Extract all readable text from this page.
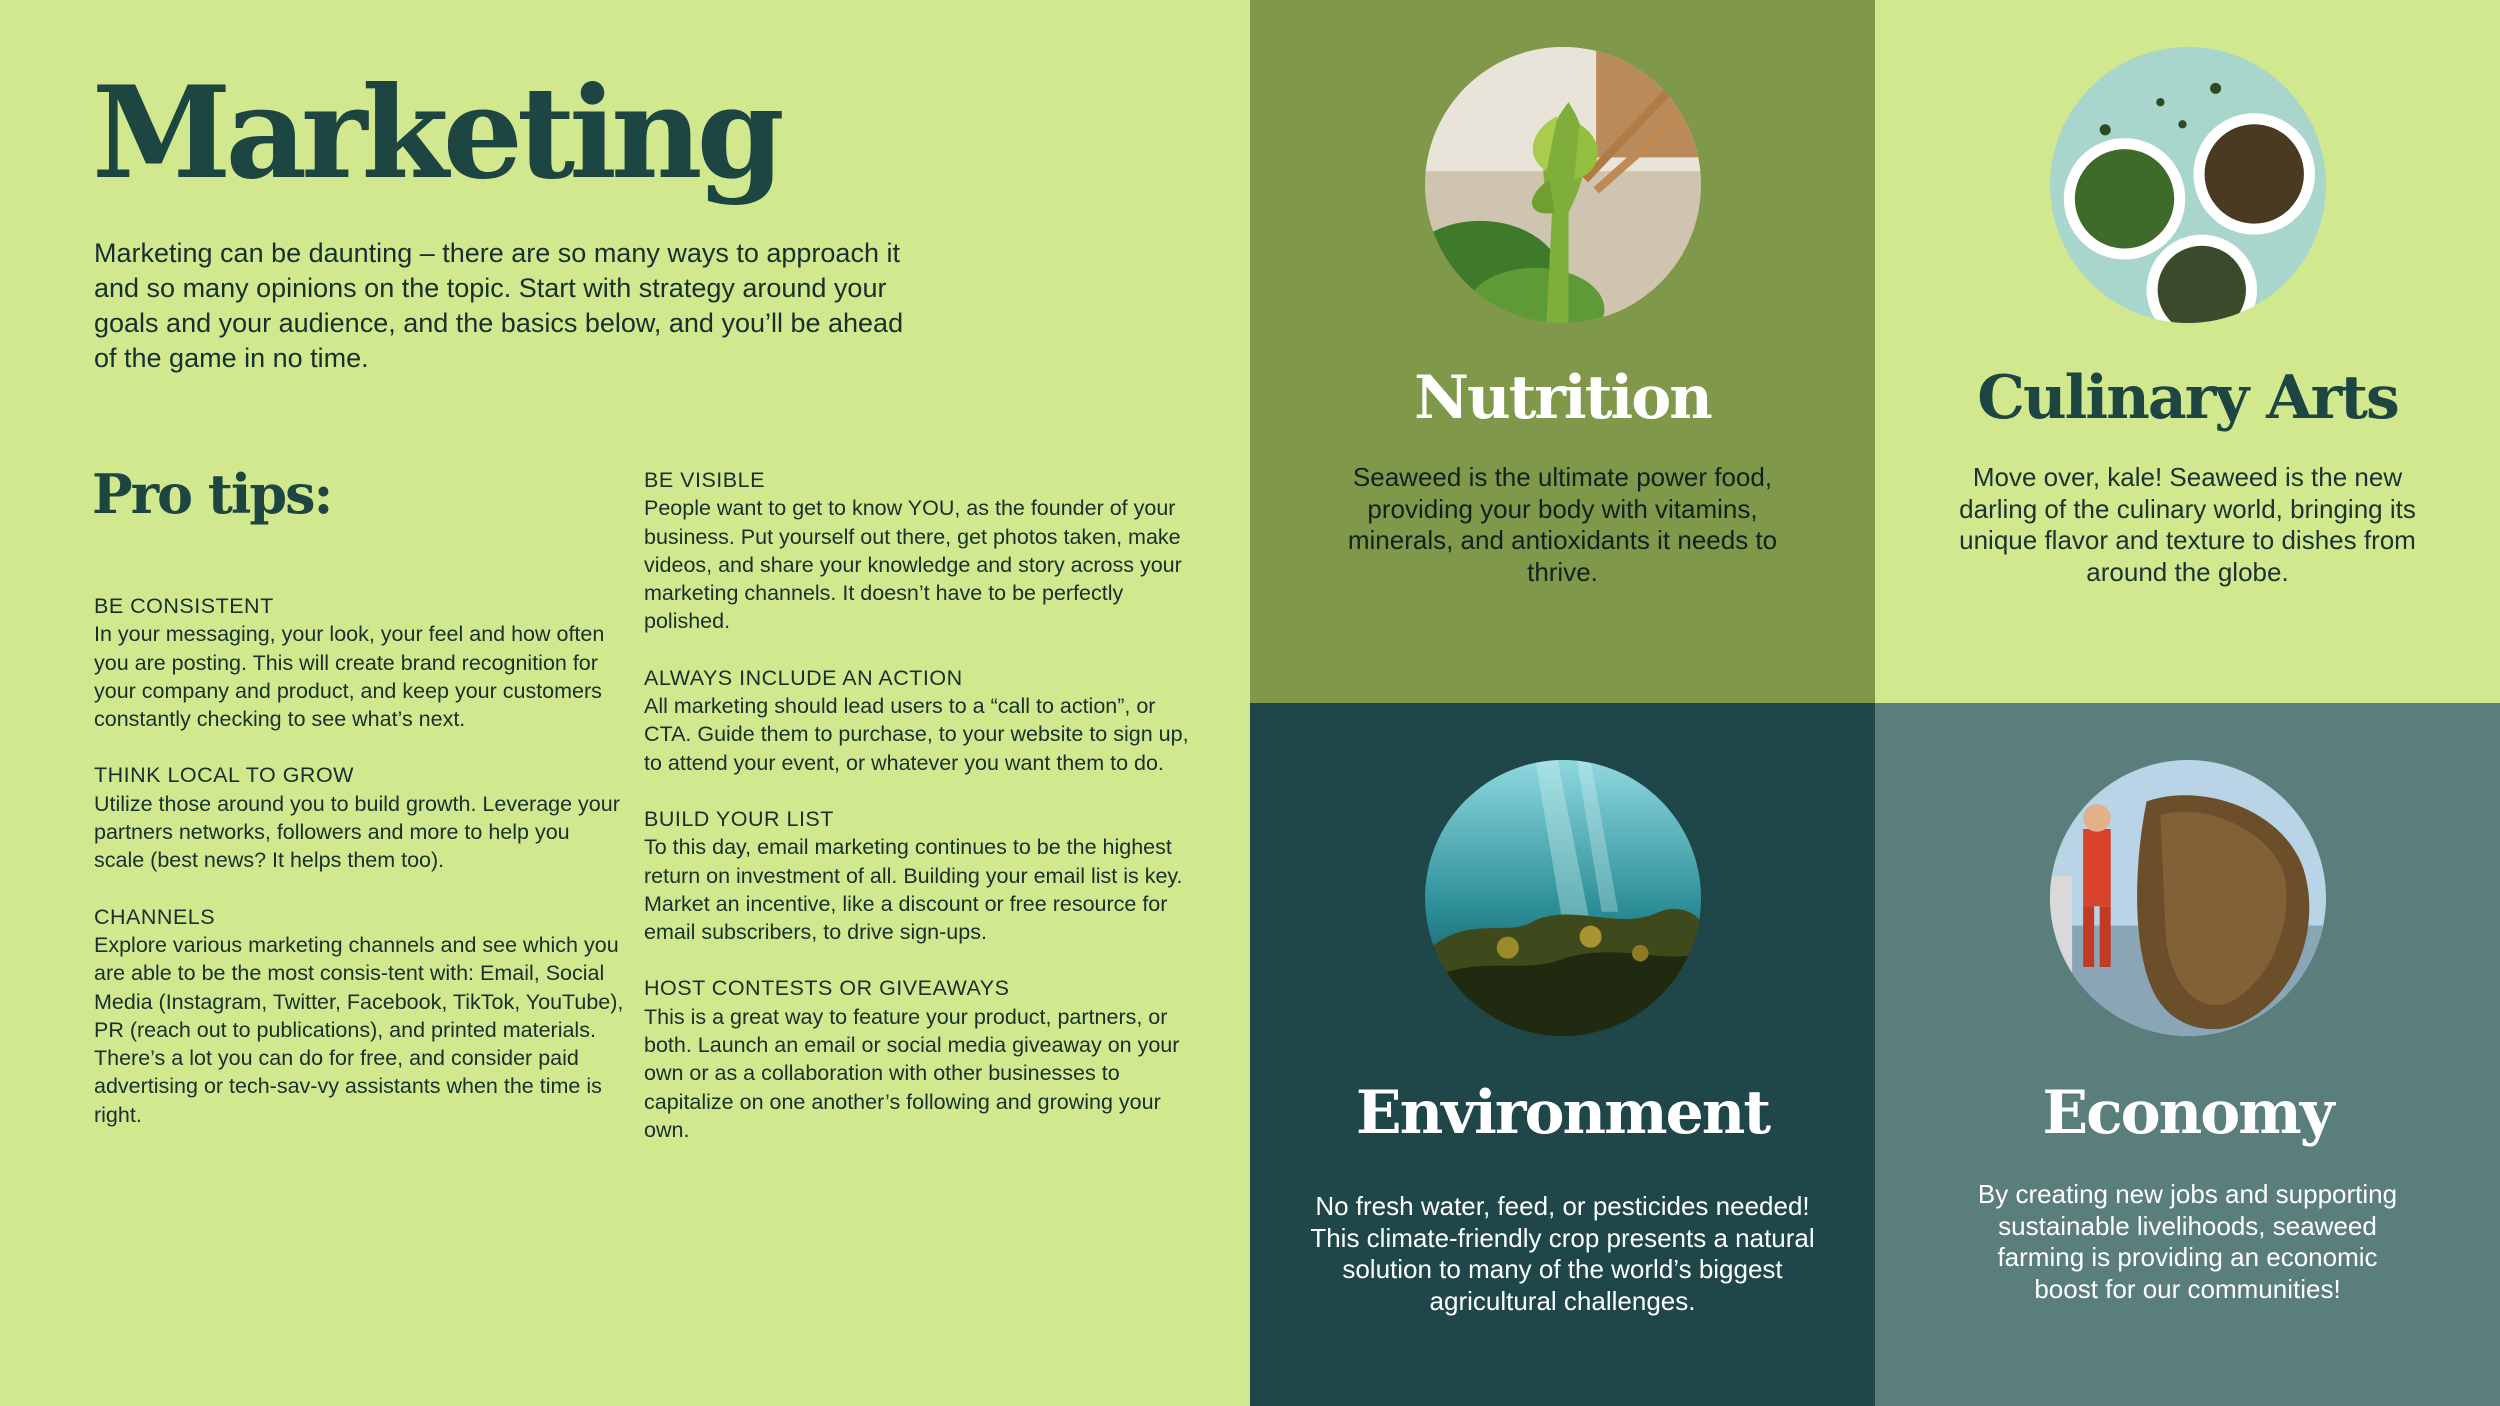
Marketing
Marketing can be daunting – there are so many ways to approach it and so many opinions on the topic. Start with strategy around your goals and your audience, and the basics below, and you’ll be ahead of the game in no time.
Pro tips:
BE CONSISTENT

In your messaging, your look, your feel and how often you are posting. This will create brand recognition for your company and product, and keep your customers constantly checking to see what’s next.

THINK LOCAL TO GROW

Utilize those around you to build growth. Leverage your partners networks, followers and more to help you scale (best news? It helps them too).

CHANNELS

Explore various marketing channels and see which you are able to be the most consis-tent with: Email, Social Media (Instagram, Twitter, Facebook, TikTok, YouTube), PR (reach out to publications), and printed materials. There’s a lot you can do for free, and consider paid advertising or tech-sav-vy assistants when the time is right.

BE VISIBLE

People want to get to know YOU, as the founder of your business. Put yourself out there, get photos taken, make videos, and share your knowledge and story across your marketing channels. It doesn’t have to be perfectly polished.

ALWAYS INCLUDE AN ACTION

All marketing should lead users to a “call to action”, or CTA. Guide them to purchase, to your website to sign up, to attend your event, or whatever you want them to do.

BUILD YOUR LIST

To this day, email marketing continues to be the highest return on investment of all. Building your email list is key. Market an incentive, like a discount or free resource for email subscribers, to drive sign-ups.

HOST CONTESTS OR GIVEAWAYS

This is a great way to feature your product, partners, or both. Launch an email or social media giveaway on your own or as a collaboration with other businesses to capitalize on one another’s following and growing your own.

Nutrition

Seaweed is the ultimate power food, providing your body with vitamins, minerals, and antioxidants it needs to thrive.

Culinary Arts

Move over, kale! Seaweed is the new darling of the culinary world, bringing its unique flavor and texture to dishes from around the globe.

Environment

No fresh water, feed, or pesticides needed! This climate-friendly crop presents a natural solution to many of the world’s biggest agricultural challenges.

Economy

By creating new jobs and supporting sustainable livelihoods, seaweed farming is providing an economic boost for our communities!
